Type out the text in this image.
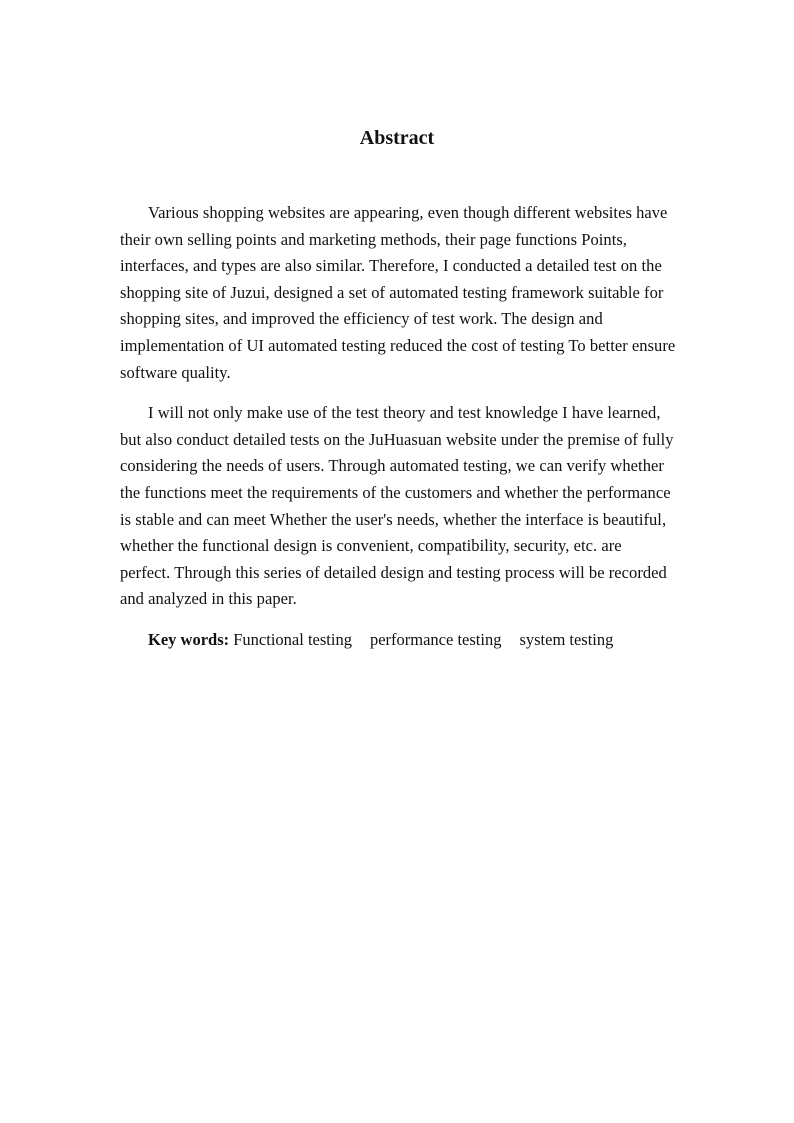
Abstract

Various shopping websites are appearing, even though different websites have their own selling points and marketing methods, their page functions Points, interfaces, and types are also similar. Therefore, I conducted a detailed test on the shopping site of Juzui, designed a set of automated testing framework suitable for shopping sites, and improved the efficiency of test work. The design and implementation of UI automated testing reduced the cost of testing To better ensure software quality.

I will not only make use of the test theory and test knowledge I have learned, but also conduct detailed tests on the JuHuasuan website under the premise of fully considering the needs of users. Through automated testing, we can verify whether the functions meet the requirements of the customers and whether the performance is stable and can meet Whether the user's needs, whether the interface is beautiful, whether the functional design is convenient, compatibility, security, etc. are perfect. Through this series of detailed design and testing process will be recorded and analyzed in this paper.

Key words: Functional testing performance testing system testing
